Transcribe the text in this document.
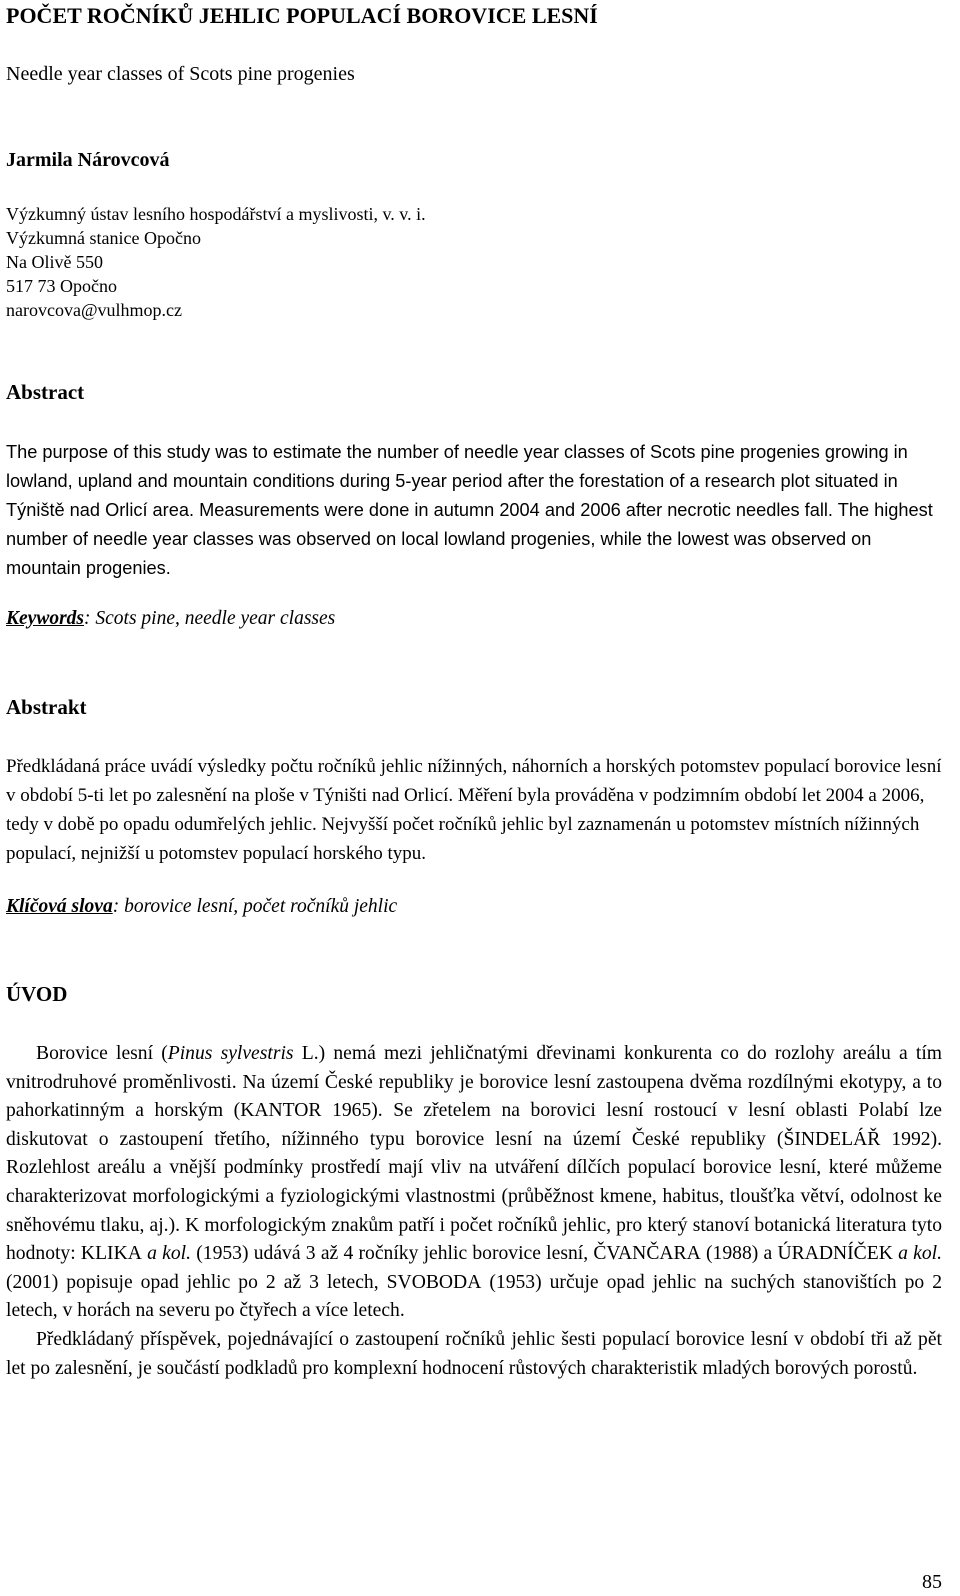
POČET ROČNÍKŮ JEHLIC POPULACÍ BOROVICE LESNÍ
Needle year classes of Scots pine progenies
Jarmila Nárovcová
Výzkumný ústav lesního hospodářství a myslivosti, v. v. i.
Výzkumná stanice Opočno
Na Olivě 550
517 73 Opočno
narovcova@vulhmop.cz
Abstract
The purpose of this study was to estimate the number of needle year classes of Scots pine progenies growing in lowland, upland and mountain conditions during 5-year period after the forestation of a research plot situated in Týniště nad Orlicí area. Measurements were done in autumn 2004 and 2006 after necrotic needles fall. The highest number of needle year classes was observed on local lowland progenies, while the lowest was observed on mountain progenies.
Keywords: Scots pine, needle year classes
Abstrakt
Předkládaná práce uvádí výsledky počtu ročníků jehlic nížinných, náhorních a horských potomstev populací borovice lesní v období 5-ti let po zalesnění na ploše v Týništi nad Orlicí. Měření byla prováděna v podzimním období let 2004 a 2006, tedy v době po opadu odumřelých jehlic. Nejvyšší počet ročníků jehlic byl zaznamenán u potomstev místních nížinných populací, nejnižší u potomstev populací horského typu.
Klíčová slova: borovice lesní, počet ročníků jehlic
ÚVOD

Borovice lesní (Pinus sylvestris L.) nemá mezi jehličnatými dřevinami konkurenta co do rozlohy areálu a tím vnitrodruhové proměnlivosti. Na území České republiky je borovice lesní zastoupena dvěma rozdílnými ekotypy, a to pahorkatinným a horským (KANTOR 1965). Se zřetelem na borovici lesní rostoucí v lesní oblasti Polabí lze diskutovat o zastoupení třetího, nížinného typu borovice lesní na území České republiky (ŠINDELÁŘ 1992). Rozlehlost areálu a vnější podmínky prostředí mají vliv na utváření dílčích populací borovice lesní, které můžeme charakterizovat morfologickými a fyziologickými vlastnostmi (průběžnost kmene, habitus, tloušťka větví, odolnost ke sněhovému tlaku, aj.). K morfologickým znakům patří i počet ročníků jehlic, pro který stanoví botanická literatura tyto hodnoty: KLIKA a kol. (1953) udává 3 až 4 ročníky jehlic borovice lesní, ČVANČARA (1988) a ÚRADNÍČEK a kol. (2001) popisuje opad jehlic po 2 až 3 letech, SVOBODA (1953) určuje opad jehlic na suchých stanovištích po 2 letech, v horách na severu po čtyřech a více letech.

Předkládaný příspěvek, pojednávající o zastoupení ročníků jehlic šesti populací borovice lesní v období tři až pět let po zalesnění, je součástí podkladů pro komplexní hodnocení růstových charakteristik mladých borových porostů.

85
